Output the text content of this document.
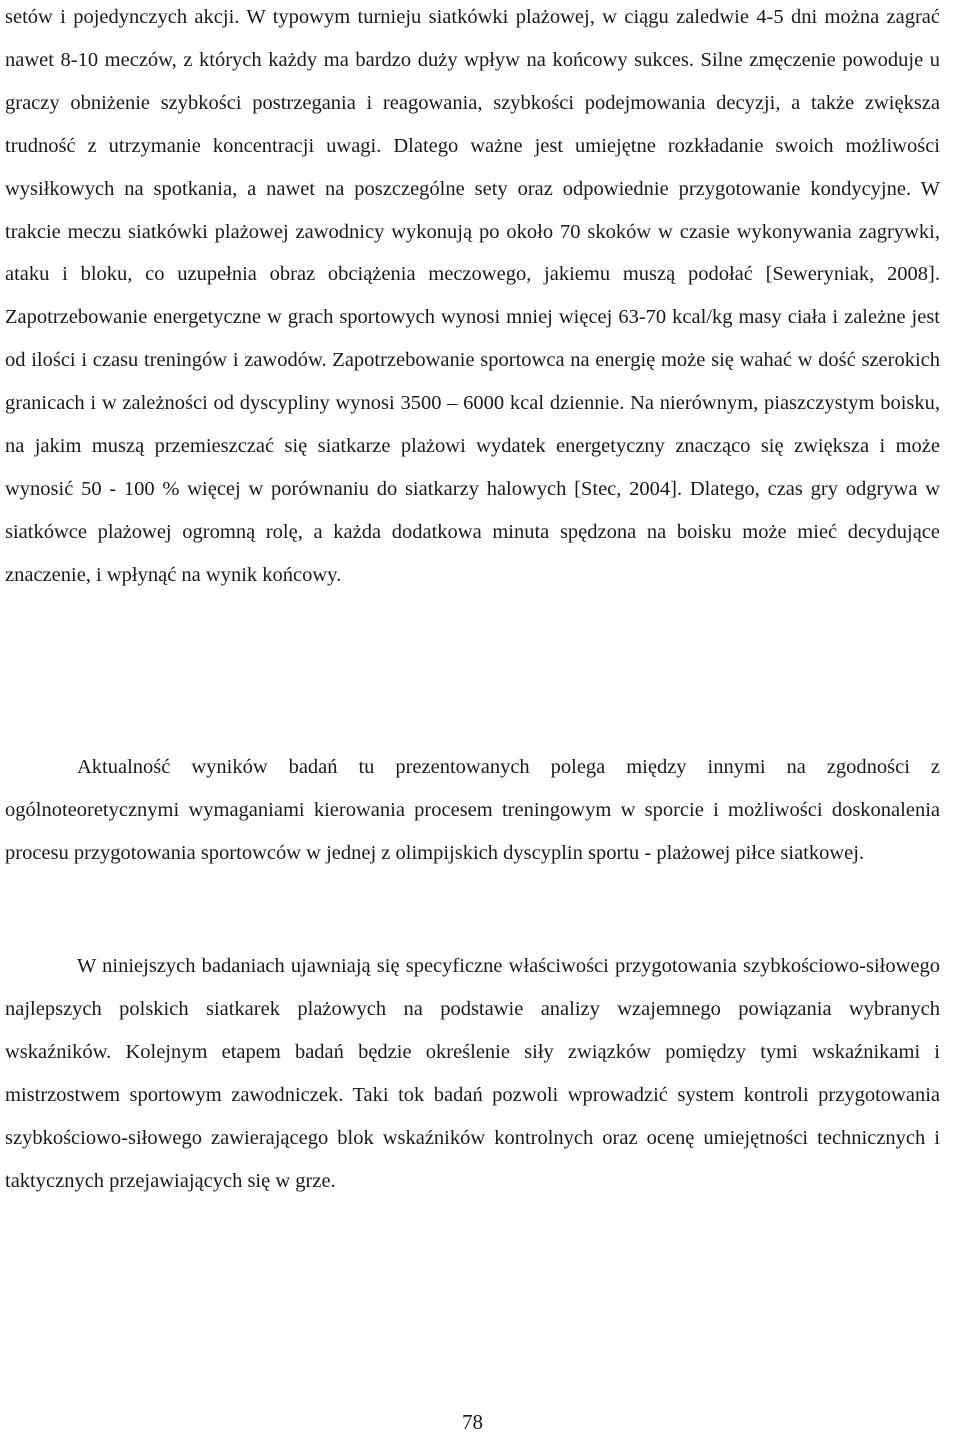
setów i pojedynczych akcji. W typowym turnieju siatkówki plażowej, w ciągu zaledwie 4-5 dni można zagrać nawet 8-10 meczów, z których każdy ma bardzo duży wpływ na końcowy sukces. Silne zmęczenie powoduje u graczy obniżenie szybkości postrzegania i reagowania, szybkości podejmowania decyzji, a także zwiększa trudność z utrzymanie koncentracji uwagi. Dlatego ważne jest umiejętne rozkładanie swoich możliwości wysiłkowych na spotkania, a nawet na poszczególne sety oraz odpowiednie przygotowanie kondycyjne. W trakcie meczu siatkówki plażowej zawodnicy wykonują po około 70 skoków w czasie wykonywania zagrywki, ataku i bloku, co uzupełnia obraz obciążenia meczowego, jakiemu muszą podołać [Seweryniak, 2008]. Zapotrzebowanie energetyczne w grach sportowych wynosi mniej więcej 63-70 kcal/kg masy ciała i zależne jest od ilości i czasu treningów i zawodów. Zapotrzebowanie sportowca na energię może się wahać w dość szerokich granicach i w zależności od dyscypliny wynosi 3500 – 6000 kcal dziennie. Na nierównym, piaszczystym boisku, na jakim muszą przemieszczać się siatkarze plażowi wydatek energetyczny znacząco się zwiększa i może wynosić 50 - 100 % więcej w porównaniu do siatkarzy halowych [Stec, 2004]. Dlatego, czas gry odgrywa w siatkówce plażowej ogromną rolę, a każda dodatkowa minuta spędzona na boisku może mieć decydujące znaczenie, i wpłynąć na wynik końcowy.

Aktualność wyników badań tu prezentowanych polega między innymi na zgodności z ogólnoteoretycznymi wymaganiami kierowania procesem treningowym w sporcie i możliwości doskonalenia procesu przygotowania sportowców w jednej z olimpijskich dyscyplin sportu - plażowej piłce siatkowej.

W niniejszych badaniach ujawniają się specyficzne właściwości przygotowania szybkościowo-siłowego najlepszych polskich siatkarek plażowych na podstawie analizy wzajemnego powiązania wybranych wskaźników. Kolejnym etapem badań będzie określenie siły związków pomiędzy tymi wskaźnikami i mistrzostwem sportowym zawodniczek. Taki tok badań pozwoli wprowadzić system kontroli przygotowania szybkościowo-siłowego zawierającego blok wskaźników kontrolnych oraz ocenę umiejętności technicznych i taktycznych przejawiających się w grze.

78
